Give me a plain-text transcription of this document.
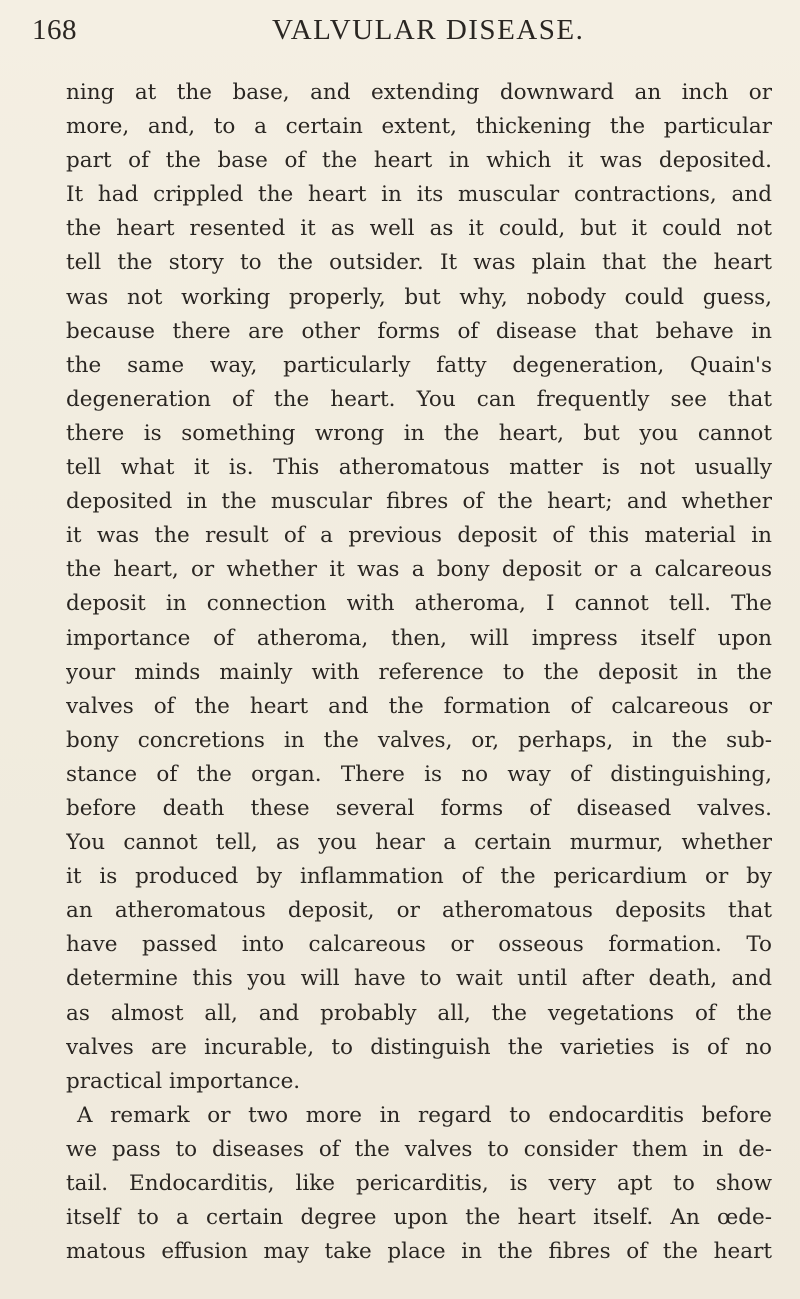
168	VALVULAR DISEASE.
ning at the base, and extending downward an inch or
more, and, to a certain extent, thickening the particular
part of the base of the heart in which it was deposited.
It had crippled the heart in its muscular contractions, and
the heart resented it as well as it could, but it could not
tell the story to the outsider. It was plain that the heart
was not working properly, but why, nobody could guess,
because there are other forms of disease that behave in
the same way, particularly fatty degeneration, Quain's
degeneration of the heart. You can frequently see that
there is something wrong in the heart, but you cannot
tell what it is. This atheromatous matter is not usually
deposited in the muscular fibres of the heart; and whether
it was the result of a previous deposit of this material in
the heart, or whether it was a bony deposit or a calcareous
deposit in connection with atheroma, I cannot tell. The
importance of atheroma, then, will impress itself upon
your minds mainly with reference to the deposit in the
valves of the heart and the formation of calcareous or
bony concretions in the valves, or, perhaps, in the sub-
stance of the organ. There is no way of distinguishing,
before death these several forms of diseased valves.
You cannot tell, as you hear a certain murmur, whether
it is produced by inflammation of the pericardium or by
an atheromatous deposit, or atheromatous deposits that
have passed into calcareous or osseous formation. To
determine this you will have to wait until after death, and
as almost all, and probably all, the vegetations of the
valves are incurable, to distinguish the varieties is of no
practical importance.
A remark or two more in regard to endocarditis before
we pass to diseases of the valves to consider them in de-
tail. Endocarditis, like pericarditis, is very apt to show
itself to a certain degree upon the heart itself. An œde-
matous effusion may take place in the fibres of the heart
